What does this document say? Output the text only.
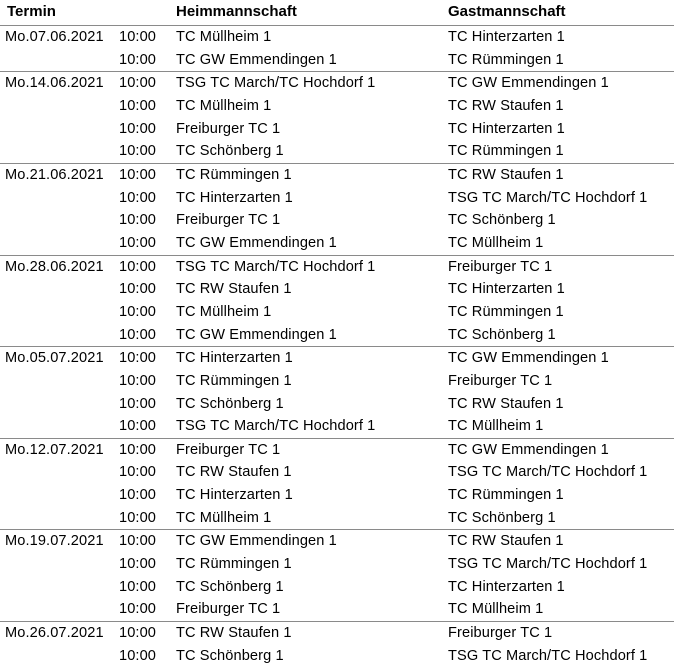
Termin	Heimmannschaft	Gastmannschaft
Mo.07.06.2021 10:00 TC Müllheim 1	TC Hinterzarten 1
10:00 TC GW Emmendingen 1	TC Rümmingen 1
Mo.14.06.2021 10:00 TSG TC March/TC Hochdorf 1	TC GW Emmendingen 1
10:00 TC Müllheim 1	TC RW Staufen 1
10:00 Freiburger TC 1	TC Hinterzarten 1
10:00 TC Schönberg 1	TC Rümmingen 1
Mo.21.06.2021 10:00 TC Rümmingen 1	TC RW Staufen 1
10:00 TC Hinterzarten 1	TSG TC March/TC Hochdorf 1
10:00 Freiburger TC 1	TC Schönberg 1
10:00 TC GW Emmendingen 1	TC Müllheim 1
Mo.28.06.2021 10:00 TSG TC March/TC Hochdorf 1	Freiburger TC 1
10:00 TC RW Staufen 1	TC Hinterzarten 1
10:00 TC Müllheim 1	TC Rümmingen 1
10:00 TC GW Emmendingen 1	TC Schönberg 1
Mo.05.07.2021 10:00 TC Hinterzarten 1	TC GW Emmendingen 1
10:00 TC Rümmingen 1	Freiburger TC 1
10:00 TC Schönberg 1	TC RW Staufen 1
10:00 TSG TC March/TC Hochdorf 1	TC Müllheim 1
Mo.12.07.2021 10:00 Freiburger TC 1	TC GW Emmendingen 1
10:00 TC RW Staufen 1	TSG TC March/TC Hochdorf 1
10:00 TC Hinterzarten 1	TC Rümmingen 1
10:00 TC Müllheim 1	TC Schönberg 1
Mo.19.07.2021 10:00 TC GW Emmendingen 1	TC RW Staufen 1
10:00 TC Rümmingen 1	TSG TC March/TC Hochdorf 1
10:00 TC Schönberg 1	TC Hinterzarten 1
10:00 Freiburger TC 1	TC Müllheim 1
Mo.26.07.2021 10:00 TC RW Staufen 1	Freiburger TC 1
10:00 TC Schönberg 1	TSG TC March/TC Hochdorf 1
